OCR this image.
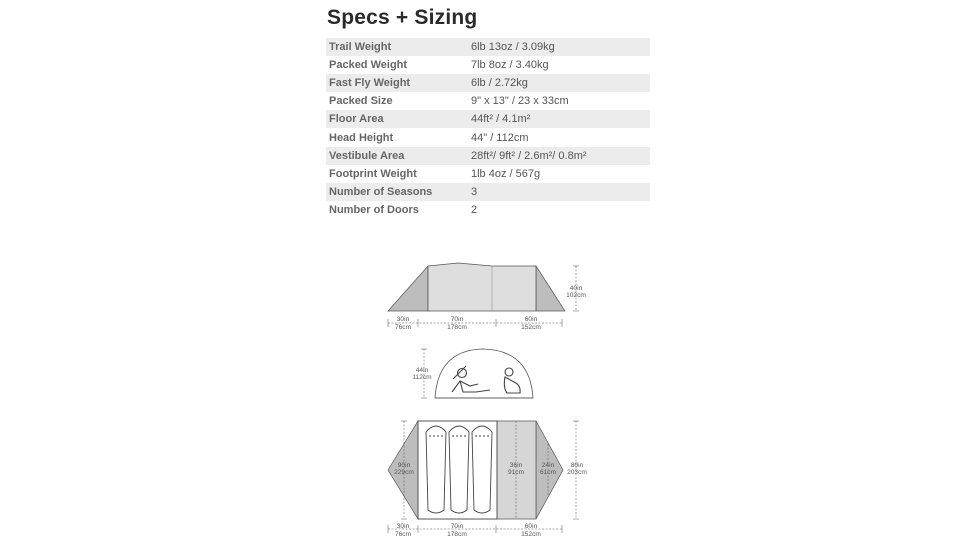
Specs + Sizing
Trail Weight	6lb 13oz / 3.09kg
Packed Weight	7lb 8oz / 3.40kg
Fast Fly Weight	6lb / 2.72kg
Packed Size	9" x 13" / 23 x 33cm
Floor Area	44ft² / 4.1m²
Head Height	44" / 112cm
Vestibule Area	28ft²/ 9ft² / 2.6m²/ 0.8m²
Footprint Weight	1lb 4oz / 567g
Number of Seasons	3
Number of Doors	2
40in
102cm
30in
76cm
70in
178cm
60in
152cm
44in
112cm
90in
229cm
36in
91cm
24in
61cm
80in
203cm
30in
76cm
70in
178cm
60in
152cm
